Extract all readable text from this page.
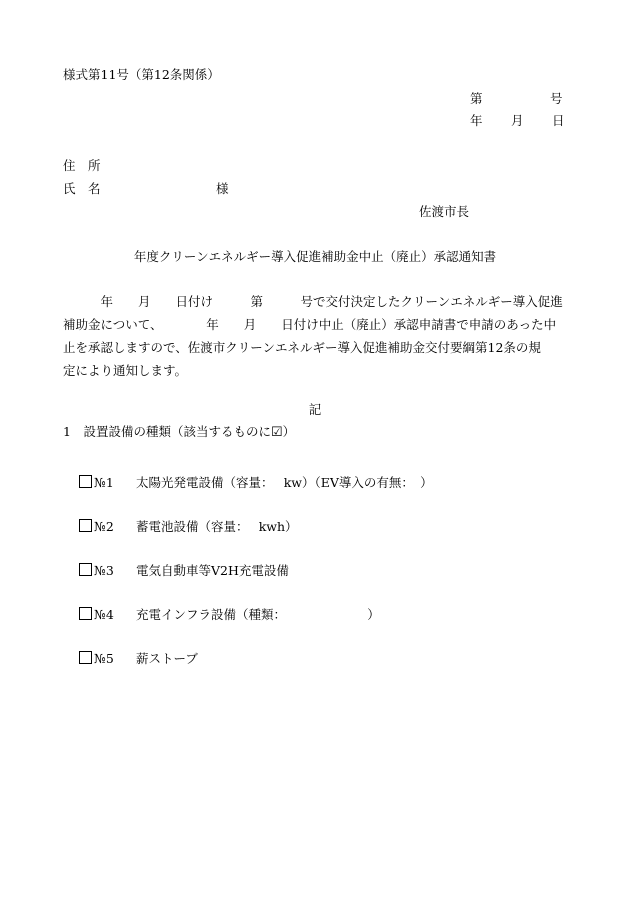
様式第11号（第12条関係）
第	号
年 月 日
住　所
氏　名	様
佐渡市長
年度クリーンエネルギー導入促進補助金中止（廃止）承認通知書
　　　年　　月　　日付け　　　第　　　号で交付決定したクリーンエネルギー導入促進
補助金について、　　　　年　　月　　日付け中止（廃止）承認申請書で申請のあった中
止を承認しますので、佐渡市クリーンエネルギー導入促進補助金交付要綱第12条の規
定により通知します。
記
1　設置設備の種類（該当するものに☑）

№1 太陽光発電設備（容量：　 kw）（EV導入の有無：　）

№2 蓄電池設備（容量：　 kwh）

№3 電気自動車等V2H充電設備

№4 充電インフラ設備（種類：　　　　　　　）

№5 薪ストーブ
